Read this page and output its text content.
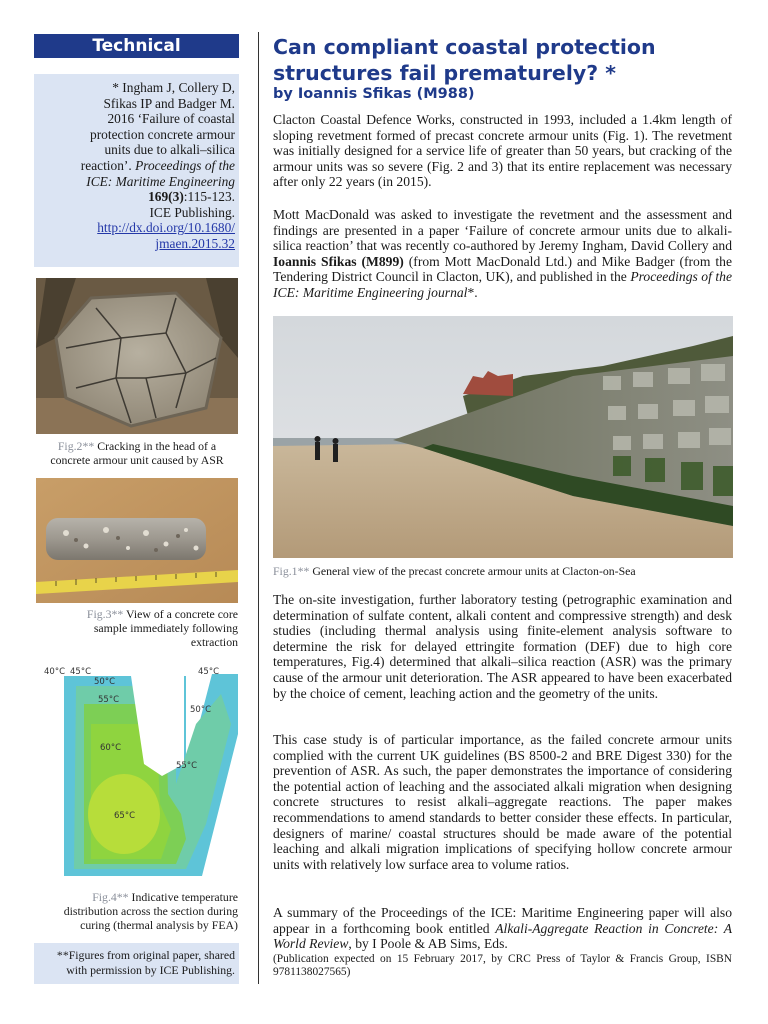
Technical
* Ingham J, Collery D,
Sfikas IP and Badger M.
2016 ‘Failure of coastal
protection concrete armour
units due to alkali–silica
reaction’. Proceedings of the
ICE: Maritime Engineering
169(3):115-123.
ICE Publishing.
http://dx.doi.org/10.1680/
jmaen.2015.32
Fig.2** Cracking in the head of a
concrete armour unit caused by ASR
Fig.3** View of a concrete core
sample immediately following
extraction
40°C 45°C	45°C
50°C
55°C
50°C
60°C
55°C
65°C
Fig.4** Indicative temperature
distribution across the section during
curing (thermal analysis by FEA)
**Figures from original paper, shared
with permission by ICE Publishing.
Can compliant coastal protection
structures fail prematurely? *
by Ioannis Sfikas (M988)
Clacton Coastal Defence Works, constructed in 1993, included a 1.4km length of sloping revetment formed of precast concrete armour units (Fig. 1). The revetment was initially designed for a service life of greater than 50 years, but cracking of the armour units was so severe (Fig. 2 and 3) that its entire replacement was necessary after only 22 years (in 2015).
Mott MacDonald was asked to investigate the revetment and the assessment and findings are presented in a paper ‘Failure of concrete armour units due to alkali-silica reaction’ that was recently co-authored by Jeremy Ingham, David Collery and Ioannis Sfikas (M899) (from Mott MacDonald Ltd.) and Mike Badger (from the Tendering District Council in Clacton, UK), and published in the Proceedings of the ICE: Maritime Engineering journal*.
Fig.1** General view of the precast concrete armour units at Clacton-on-Sea
The on-site investigation, further laboratory testing (petrographic examination and determination of sulfate content, alkali content and compressive strength) and desk studies (including thermal analysis using finite-element analysis software to determine the risk for delayed ettringite formation (DEF) due to high core temperatures, Fig.4) determined that alkali–silica reaction (ASR) was the primary cause of the armour unit deterioration. The ASR appeared to have been exacerbated by the choice of cement, leaching action and the geometry of the units.
This case study is of particular importance, as the failed concrete armour units complied with the current UK guidelines (BS 8500-2 and BRE Digest 330) for the prevention of ASR. As such, the paper demonstrates the importance of considering the potential action of leaching and the associated alkali migration when designing concrete structures to resist alkali–aggregate reactions. The paper makes recommendations to amend standards to better consider these effects. In particular, designers of marine/ coastal structures should be made aware of the potential leaching and alkali migration implications of specifying hollow concrete armour units with relatively low surface area to volume ratios.
A summary of the Proceedings of the ICE: Maritime Engineering paper will also appear in a forthcoming book entitled Alkali-Aggregate Reaction in Concrete: A World Review, by I Poole & AB Sims, Eds.
(Publication expected on 15 February 2017, by CRC Press of Taylor & Francis Group, ISBN 9781138027565)
